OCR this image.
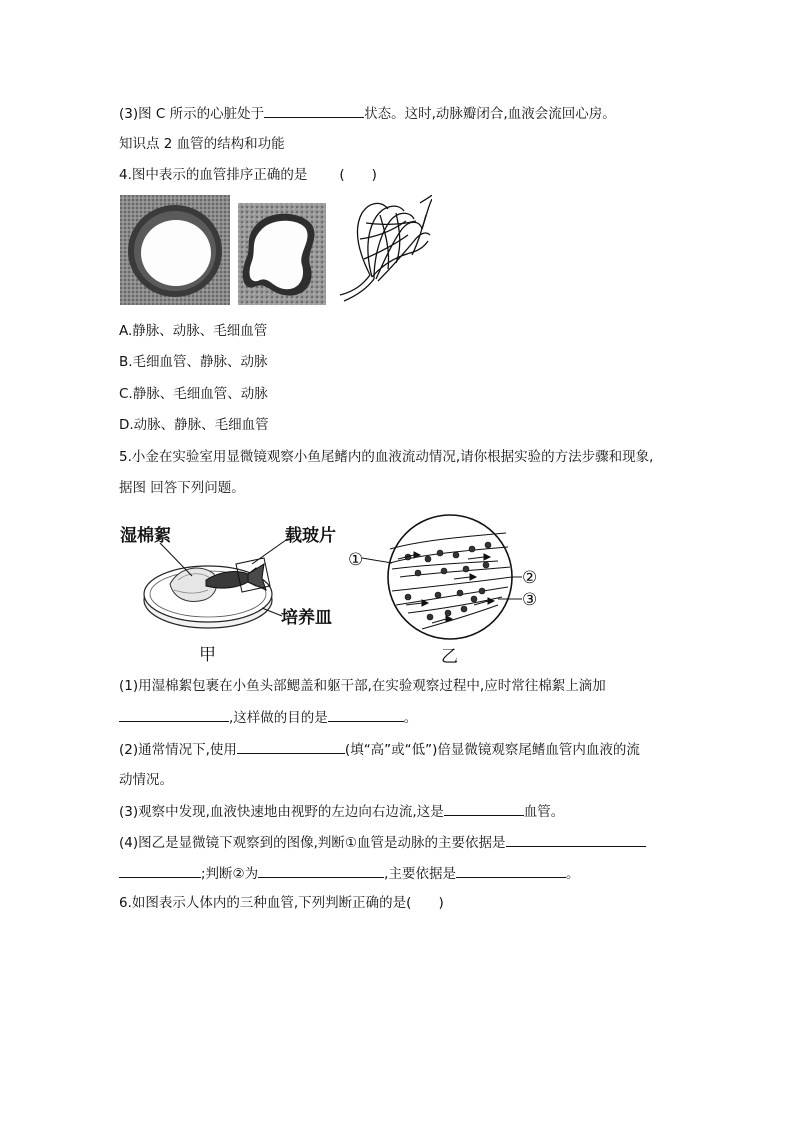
(3)图 C 所示的心脏处于	状态。这时,动脉瓣闭合,血液会流回心房。
知识点 2 血管的结构和功能
4.图中表示的血管排序正确的是 (　　)
A.静脉、动脉、毛细血管
B.毛细血管、静脉、动脉
C.静脉、毛细血管、动脉
D.动脉、静脉、毛细血管
5.小金在实验室用显微镜观察小鱼尾鳍内的血液流动情况,请你根据实验的方法步骤和现象,
据图 回答下列问题。
湿棉絮	载玻片
培养皿
甲
①
②
③
乙
(1)用湿棉絮包裹在小鱼头部鳃盖和躯干部,在实验观察过程中,应时常往棉絮上滴加
,这样做的目的是	。
(2)通常情况下,使用	(填“高”或“低”)倍显微镜观察尾鳍血管内血液的流
动情况。
(3)观察中发现,血液快速地由视野的左边向右边流,这是	血管。
(4)图乙是显微镜下观察到的图像,判断①血管是动脉的主要依据是
;判断②为	,主要依据是	。
6.如图表示人体内的三种血管,下列判断正确的是(　　)
